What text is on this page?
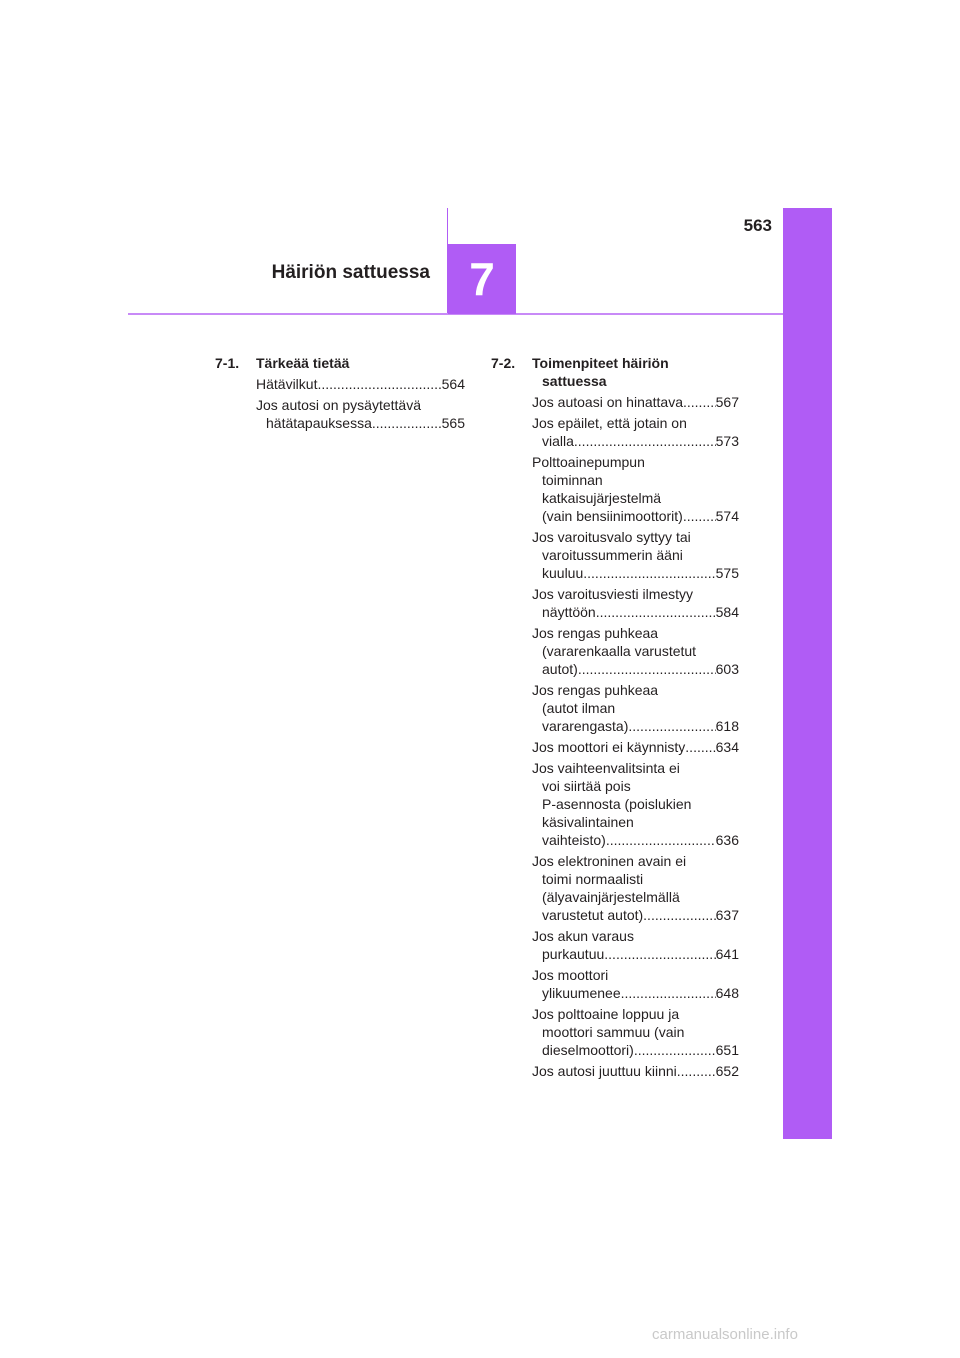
563
7
Häiriön sattuessa
7-1. Tärkeää tietää
Hätävilkut .....	564
Jos autosi on pysäytettävä
hätätapauksessa .....	565
7-2. Toimenpiteet häiriön
sattuessa
Jos autoasi on hinattava ..... 567
Jos epäilet, että jotain on
vialla .....	573
Polttoainepumpun
toiminnan
katkaisujärjestelmä
(vain bensiinimoottorit) ..... 574
Jos varoitusvalo syttyy tai
varoitussummerin ääni
kuuluu .....	575
Jos varoitusviesti ilmestyy
näyttöön .....	584
Jos rengas puhkeaa
(vararenkaalla varustetut
autot) .....	603
Jos rengas puhkeaa
(autot ilman
vararengasta) .....	618
Jos moottori ei käynnisty ..... 634
Jos vaihteenvalitsinta ei
voi siirtää pois
P-asennosta (poislukien
käsivalintainen
vaihteisto) .....	636
Jos elektroninen avain ei
toimi normaalisti
(älyavainjärjestelmällä
varustetut autot) .....	637
Jos akun varaus
purkautuu .....	641
Jos moottori
ylikuumenee .....	648
Jos polttoaine loppuu ja
moottori sammuu (vain
dieselmoottori) .....	651
Jos autosi juuttuu kiinni .....	652
carmanualsonline.info
